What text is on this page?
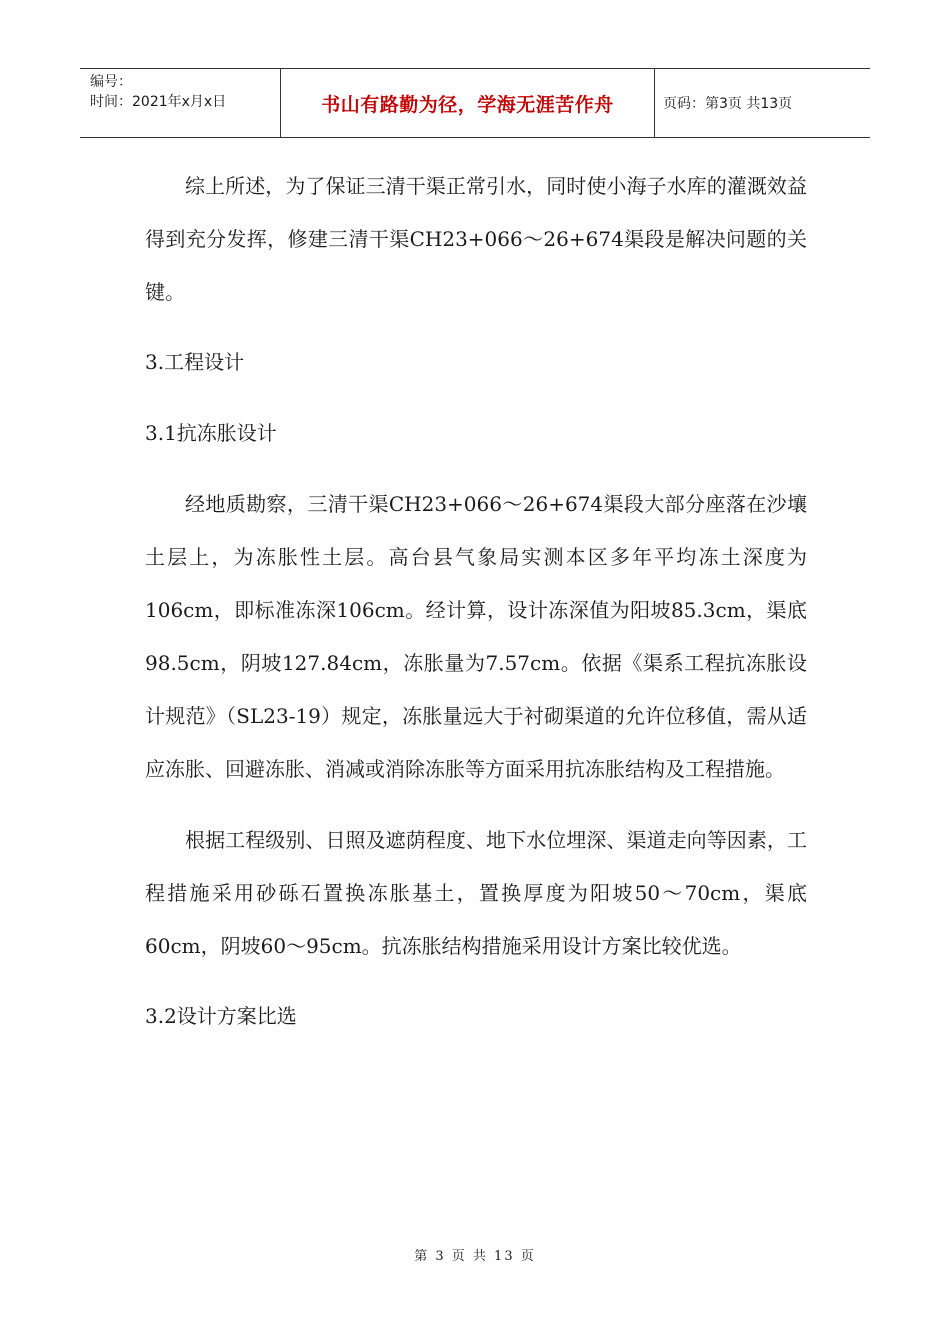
编号：
时间：2021年x月x日	书山有路勤为径，学海无涯苦作舟	页码：第3页 共13页

综上所述，为了保证三清干渠正常引水，同时使小海子水库的灌溉效益得到充分发挥，修建三清干渠CH23+066～26+674渠段是解决问题的关键。

3.工程设计

3.1抗冻胀设计

经地质勘察，三清干渠CH23+066～26+674渠段大部分座落在沙壤土层上，为冻胀性土层。高台县气象局实测本区多年平均冻土深度为106cm，即标准冻深106cm。经计算，设计冻深值为阳坡85.3cm，渠底98.5cm，阴坡127.84cm，冻胀量为7.57cm。依据《渠系工程抗冻胀设计规范》（SL23-19）规定，冻胀量远大于衬砌渠道的允许位移值，需从适应冻胀、回避冻胀、消减或消除冻胀等方面采用抗冻胀结构及工程措施。

根据工程级别、日照及遮荫程度、地下水位埋深、渠道走向等因素，工程措施采用砂砾石置换冻胀基土，置换厚度为阳坡50～70cm，渠底60cm，阴坡60～95cm。抗冻胀结构措施采用设计方案比较优选。

3.2设计方案比选

第 3 页 共 13 页
